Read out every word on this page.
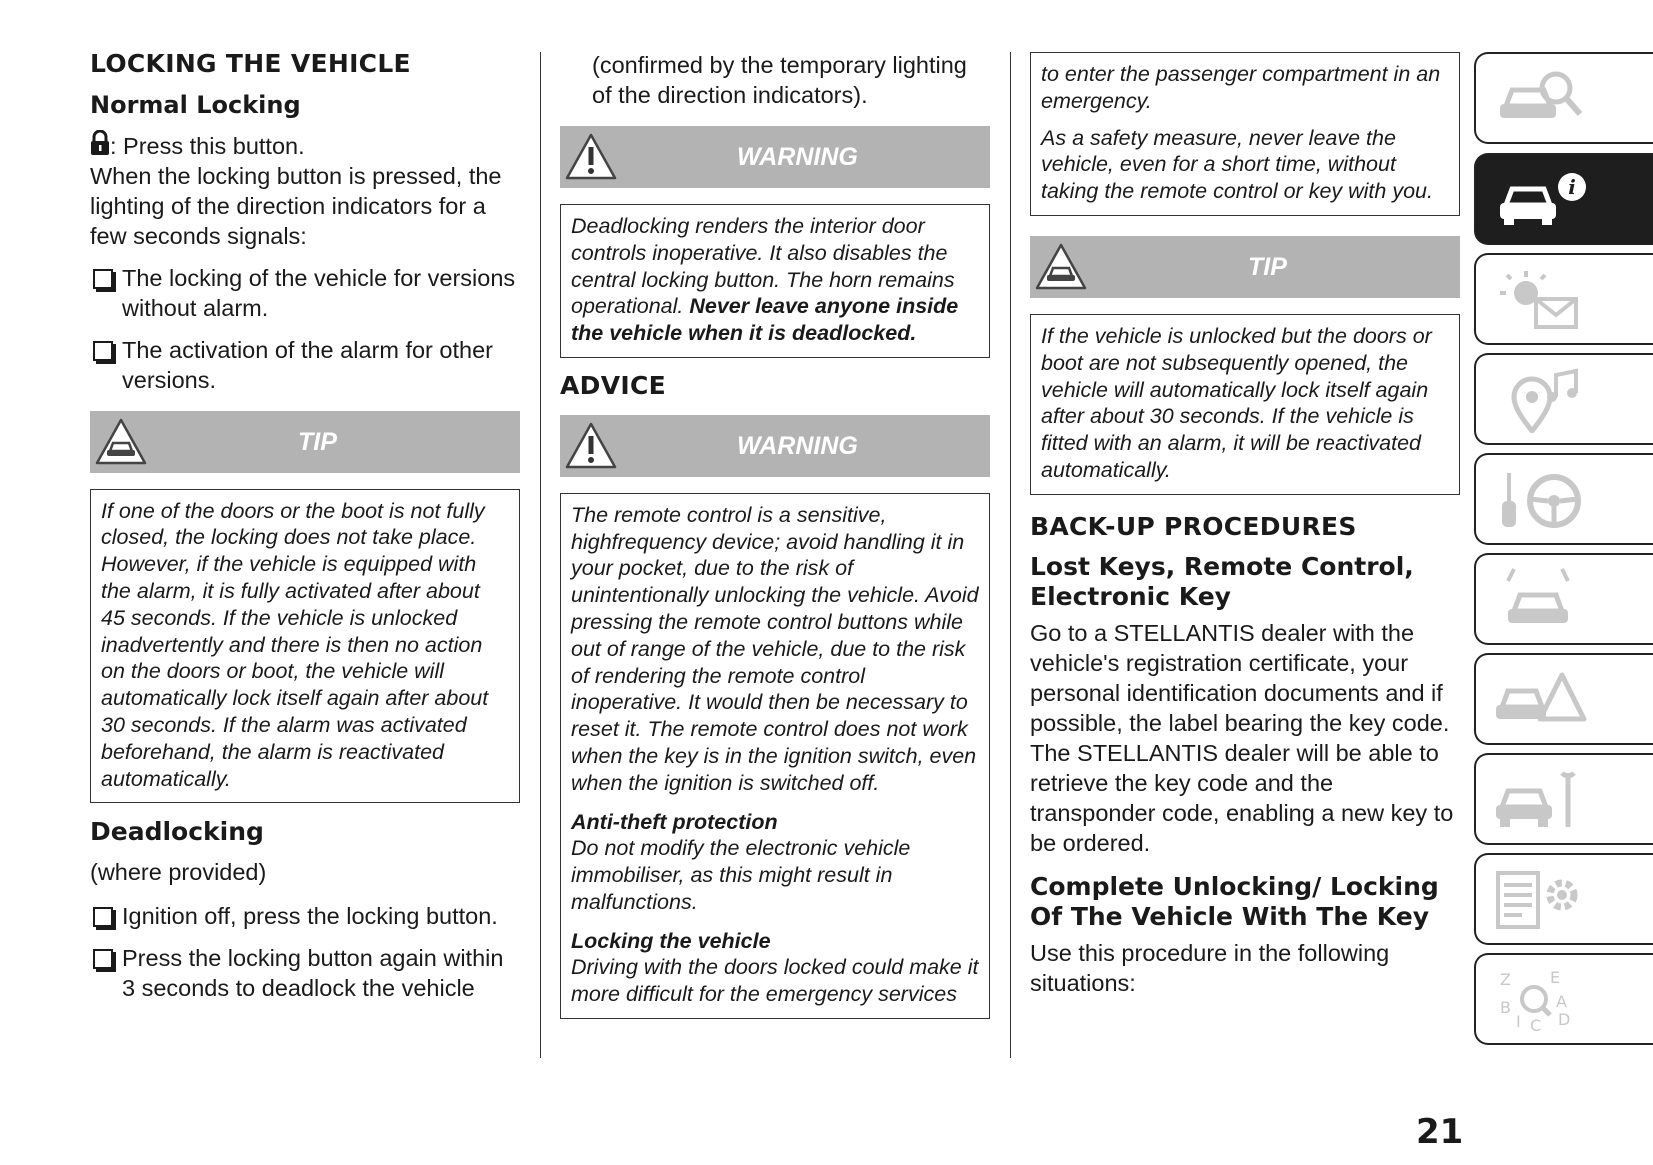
LOCKING THE VEHICLE
Normal Locking

: Press this button.

When the locking button is pressed, the lighting of the direction indicators for a few seconds signals:

The locking of the vehicle for versions without alarm.
The activation of the alarm for other versions.
TIP

If one of the doors or the boot is not fully closed, the locking does not take place. However, if the vehicle is equipped with the alarm, it is fully activated after about 45 seconds. If the vehicle is unlocked inadvertently and there is then no action on the doors or boot, the vehicle will automatically lock itself again after about 30 seconds. If the alarm was activated beforehand, the alarm is reactivated automatically.

Deadlocking

(where provided)

Ignition off, press the locking button.
Press the locking button again within 3 seconds to deadlock the vehicle

(confirmed by the temporary lighting of the direction indicators).

WARNING

Deadlocking renders the interior door controls inoperative. It also disables the central locking button. The horn remains operational. Never leave anyone inside the vehicle when it is deadlocked.

ADVICE
WARNING

The remote control is a sensitive, highfrequency device; avoid handling it in your pocket, due to the risk of unintentionally unlocking the vehicle. Avoid pressing the remote control buttons while out of range of the vehicle, due to the risk of rendering the remote control inoperative. It would then be necessary to reset it. The remote control does not work when the key is in the ignition switch, even when the ignition is switched off.

Anti-theft protection

Do not modify the electronic vehicle immobiliser, as this might result in malfunctions.

Locking the vehicle

Driving with the doors locked could make it more difficult for the emergency services

to enter the passenger compartment in an emergency.

As a safety measure, never leave the vehicle, even for a short time, without taking the remote control or key with you.

TIP

If the vehicle is unlocked but the doors or boot are not subsequently opened, the vehicle will automatically lock itself again after about 30 seconds. If the vehicle is fitted with an alarm, it will be reactivated automatically.

BACK-UP PROCEDURES
Lost Keys, Remote Control, Electronic Key

Go to a STELLANTIS dealer with the vehicle's registration certificate, your personal identification documents and if possible, the label bearing the key code.

The STELLANTIS dealer will be able to retrieve the key code and the transponder code, enabling a new key to be ordered.

Complete Unlocking/ Locking Of The Vehicle With The Key

Use this procedure in the following situations:

21
i
Z E
A
B
I D
C
